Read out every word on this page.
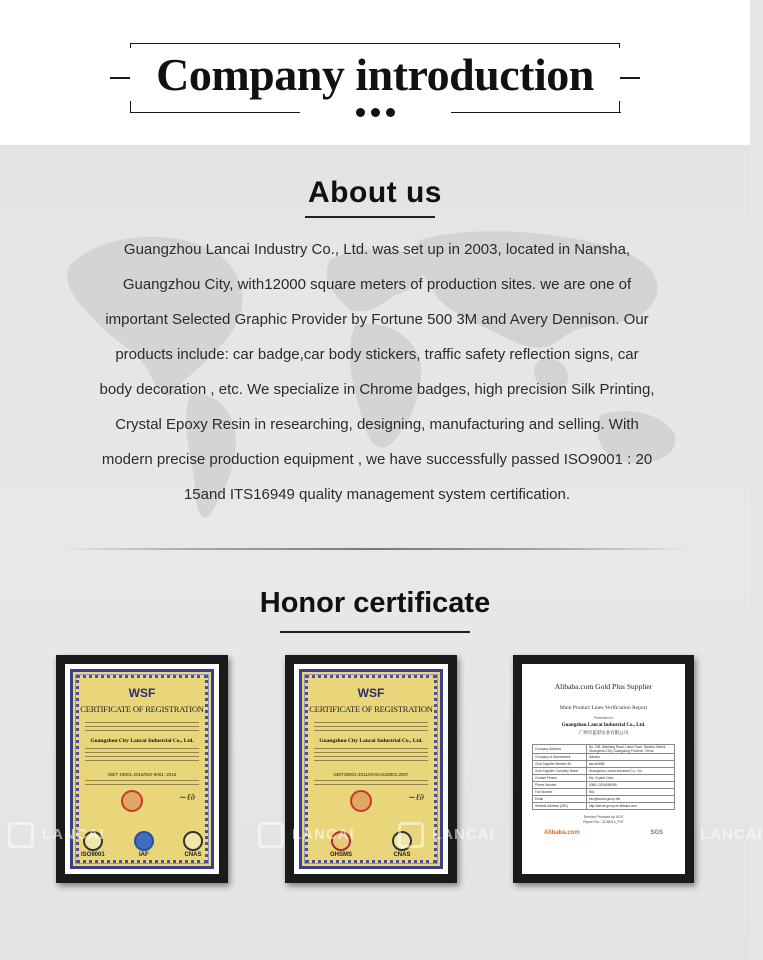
Company introduction
About us
Guangzhou Lancai Industry Co., Ltd. was set up in 2003, located in Nansha,
Guangzhou City, with12000 square meters of production sites. we are one of
important Selected Graphic Provider by Fortune 500 3M and Avery Dennison. Our
products include: car badge,car body stickers, traffic safety reflection signs, car
body decoration , etc. We specialize in Chrome badges, high precision Silk Printing,
Crystal Epoxy Resin in researching, designing, manufacturing and selling. With
modern precise production equipment , we have successfully passed ISO9001 : 20
15and ITS16949 quality management system certification.
Honor certificate
WSF
CERTIFICATE OF REGISTRATION
Guangzhou City Lancai Industrial Co., Ltd.
GB/T 19001-2016/ISO 9001: 2015
~ℓ∂
ISO9001	IAF	CNAS
WSF
CERTIFICATE OF REGISTRATION
Guangzhou City Lancai Industrial Co., Ltd.
GB/T28001-2011/OHSAS18001:2007
~ℓ∂
OHSMS	CNAS
Alibaba.com Gold Plus Supplier
Main Product Lines Verification Report
Presented to
Guangzhou Lancai Industrial Co., Ltd.
广州市蓝彩实业有限公司
Company Address	No. 238, Wanliang Road, Lianxi Town, Nansha District, Guangzhou City, Guangdong Province, China
Company of Assessment	Alibaba
Gold Supplier Member ID	lancai1888
Gold Supplier Company Name	Guangzhou Lancai Industrial Co., Ltd.
Contact Person	Ms. Crystal Chen
Phone Number	0086-13026096385
Fax Number	N/A
Email	info@lancai-group.net
Website Address (URL)	http://lancai-group.en.alibaba.com
Service Provided by SGS
Report No.: 3138314_PhT
Alibaba.com	SGS
LANCAI	LANCAI	LANCAI	LANCAI
